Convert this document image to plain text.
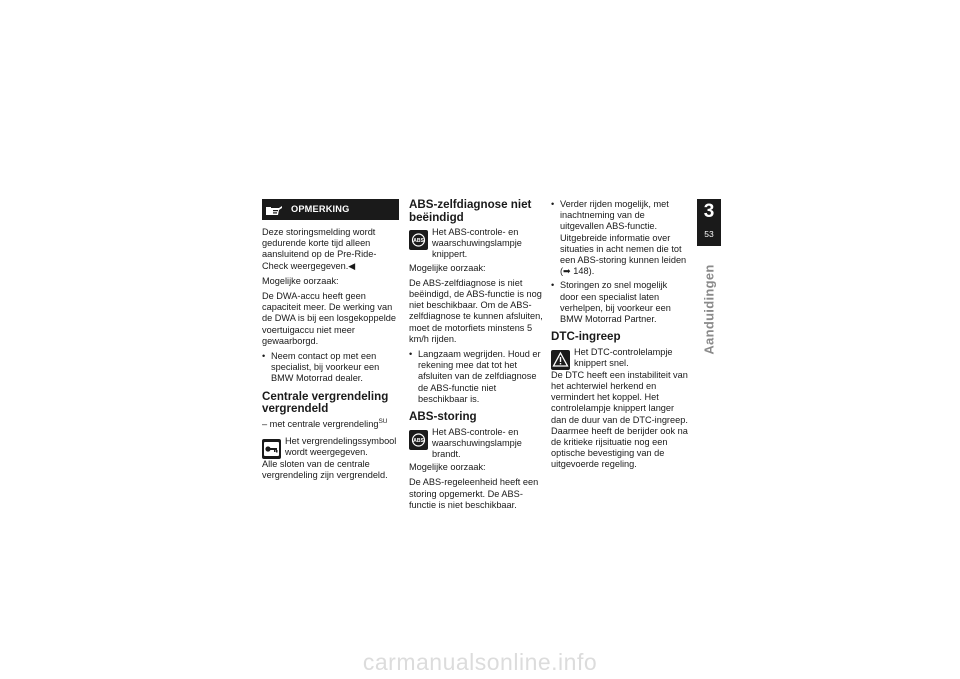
OPMERKING

Deze storingsmelding wordt gedurende korte tijd alleen aansluitend op de Pre-Ride-Check weergegeven.◀

Mogelijke oorzaak:

De DWA-accu heeft geen capaciteit meer. De werking van de DWA is bij een losgekoppelde voertuigaccu niet meer gewaarborgd.

• Neem contact op met een specialist, bij voorkeur een BMW Motorrad dealer.
Centrale vergrendeling vergrendeld
– met centrale vergrendeling$^{SU}$
Het vergrendelingssymbool wordt weergegeven.

Alle sloten van de centrale vergrendeling zijn vergrendeld.

ABS-zelfdiagnose niet beëindigd
ABS
Het ABS-controle- en waarschuwingslampje knippert.

Mogelijke oorzaak:

De ABS-zelfdiagnose is niet beëindigd, de ABS-functie is nog niet beschikbaar. Om de ABS-zelfdiagnose te kunnen afsluiten, moet de motorfiets minstens 5 km/h rijden.

• Langzaam wegrijden. Houd er rekening mee dat tot het afsluiten van de zelfdiagnose de ABS-functie niet beschikbaar is.
ABS-storing
ABS
Het ABS-controle- en waarschuwingslampje brandt.

Mogelijke oorzaak:

De ABS-regeleenheid heeft een storing opgemerkt. De ABS-functie is niet beschikbaar.

• Verder rijden mogelijk, met inachtneming van de uitgevallen ABS-functie. Uitgebreide informatie over situaties in acht nemen die tot een ABS-storing kunnen leiden (➡ 148).
• Storingen zo snel mogelijk door een specialist laten verhelpen, bij voorkeur een BMW Motorrad Partner.
DTC-ingreep
Het DTC-controlelampje knippert snel.

De DTC heeft een instabiliteit van het achterwiel herkend en vermindert het koppel. Het controlelampje knippert langer dan de duur van de DTC-ingreep. Daarmee heeft de berijder ook na de kritieke rijsituatie nog een optische bevestiging van de uitgevoerde regeling.

3
53
Aanduidingen
carmanualsonline.info
